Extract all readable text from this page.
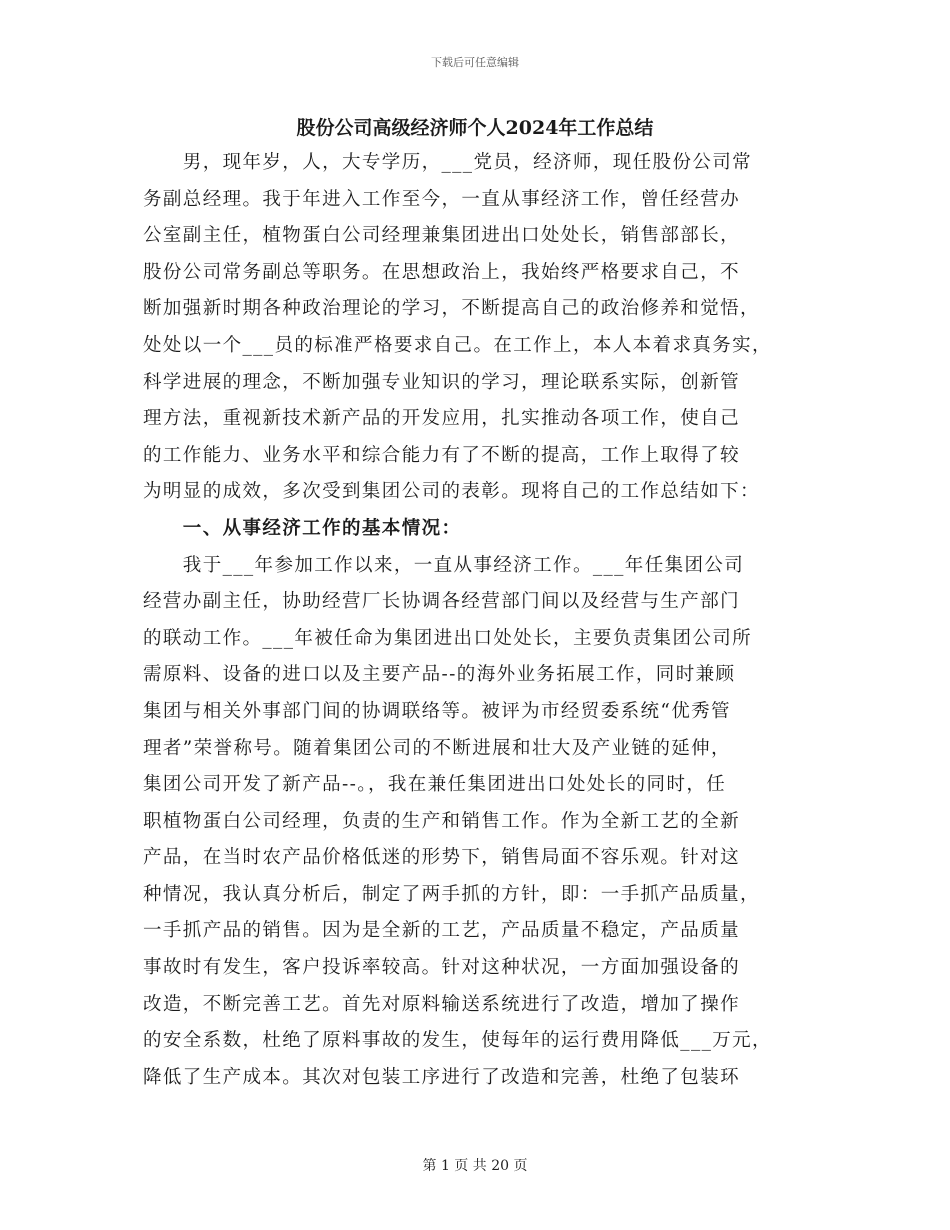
下载后可任意编辑
股份公司高级经济师个人2024年工作总结
　　男，现年岁，人，大专学历，___党员，经济师，现任股份公司常
务副总经理。我于年进入工作至今，一直从事经济工作，曾任经营办
公室副主任，植物蛋白公司经理兼集团进出口处处长，销售部部长，
股份公司常务副总等职务。在思想政治上，我始终严格要求自己，不
断加强新时期各种政治理论的学习，不断提高自己的政治修养和觉悟，
处处以一个___员的标准严格要求自己。在工作上，本人本着求真务实，
科学进展的理念，不断加强专业知识的学习，理论联系实际，创新管
理方法，重视新技术新产品的开发应用，扎实推动各项工作，使自己
的工作能力、业务水平和综合能力有了不断的提高，工作上取得了较
为明显的成效，多次受到集团公司的表彰。现将自己的工作总结如下：
　　一、从事经济工作的基本情况：
　　我于___年参加工作以来，一直从事经济工作。___年任集团公司
经营办副主任，协助经营厂长协调各经营部门间以及经营与生产部门
的联动工作。___年被任命为集团进出口处处长，主要负责集团公司所
需原料、设备的进口以及主要产品--的海外业务拓展工作，同时兼顾
集团与相关外事部门间的协调联络等。被评为市经贸委系统“优秀管
理者”荣誉称号。随着集团公司的不断进展和壮大及产业链的延伸，
集团公司开发了新产品--。，我在兼任集团进出口处处长的同时，任
职植物蛋白公司经理，负责的生产和销售工作。作为全新工艺的全新
产品，在当时农产品价格低迷的形势下，销售局面不容乐观。针对这
种情况，我认真分析后，制定了两手抓的方针，即：一手抓产品质量，
一手抓产品的销售。因为是全新的工艺，产品质量不稳定，产品质量
事故时有发生，客户投诉率较高。针对这种状况，一方面加强设备的
改造，不断完善工艺。首先对原料输送系统进行了改造，增加了操作
的安全系数，杜绝了原料事故的发生，使每年的运行费用降低___万元，
降低了生产成本。其次对包装工序进行了改造和完善，杜绝了包装环
第 1 页 共 20 页
